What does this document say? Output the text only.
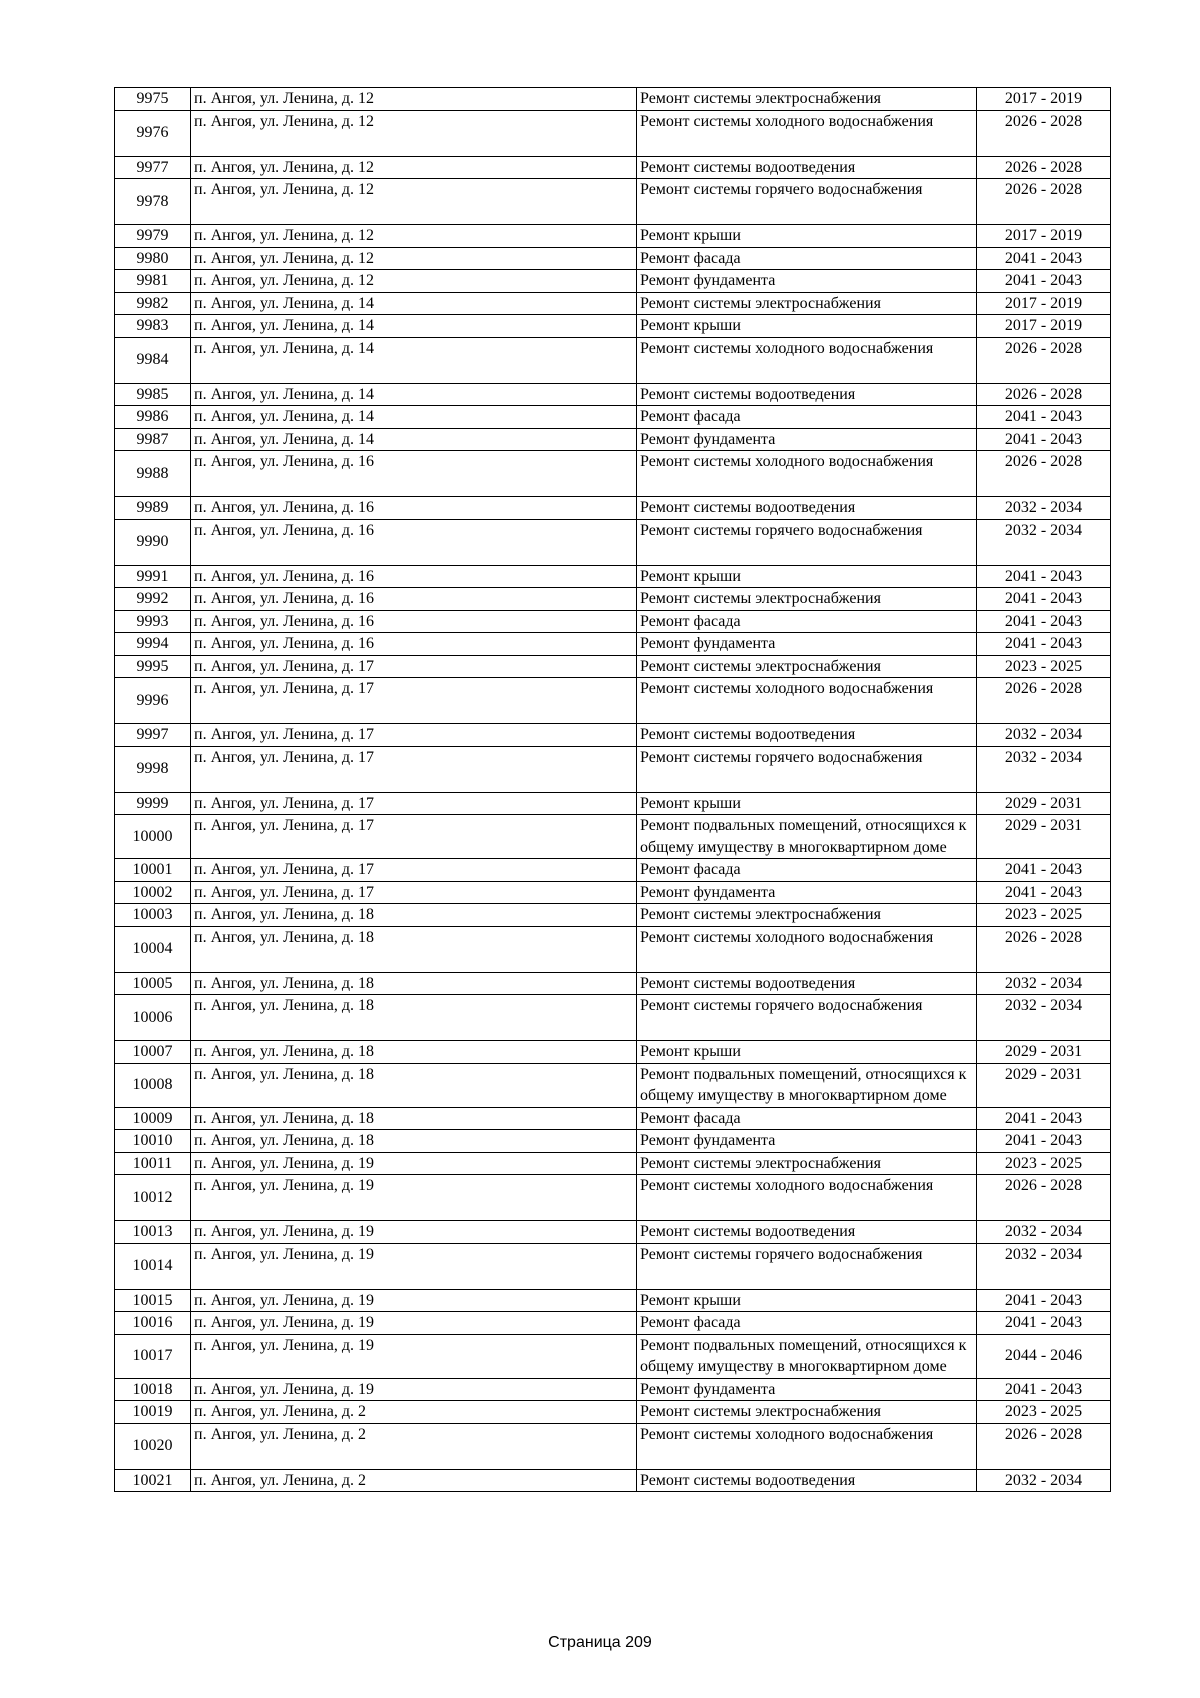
9975	п. Ангоя, ул. Ленина, д. 12	Ремонт системы электроснабжения	2017 - 2019
9976	п. Ангоя, ул. Ленина, д. 12	Ремонт системы холодного водоснабжения	2026 - 2028
9977	п. Ангоя, ул. Ленина, д. 12	Ремонт системы водоотведения	2026 - 2028
9978	п. Ангоя, ул. Ленина, д. 12	Ремонт системы горячего водоснабжения	2026 - 2028
9979	п. Ангоя, ул. Ленина, д. 12	Ремонт крыши	2017 - 2019
9980	п. Ангоя, ул. Ленина, д. 12	Ремонт фасада	2041 - 2043
9981	п. Ангоя, ул. Ленина, д. 12	Ремонт фундамента	2041 - 2043
9982	п. Ангоя, ул. Ленина, д. 14	Ремонт системы электроснабжения	2017 - 2019
9983	п. Ангоя, ул. Ленина, д. 14	Ремонт крыши	2017 - 2019
9984	п. Ангоя, ул. Ленина, д. 14	Ремонт системы холодного водоснабжения	2026 - 2028
9985	п. Ангоя, ул. Ленина, д. 14	Ремонт системы водоотведения	2026 - 2028
9986	п. Ангоя, ул. Ленина, д. 14	Ремонт фасада	2041 - 2043
9987	п. Ангоя, ул. Ленина, д. 14	Ремонт фундамента	2041 - 2043
9988	п. Ангоя, ул. Ленина, д. 16	Ремонт системы холодного водоснабжения	2026 - 2028
9989	п. Ангоя, ул. Ленина, д. 16	Ремонт системы водоотведения	2032 - 2034
9990	п. Ангоя, ул. Ленина, д. 16	Ремонт системы горячего водоснабжения	2032 - 2034
9991	п. Ангоя, ул. Ленина, д. 16	Ремонт крыши	2041 - 2043
9992	п. Ангоя, ул. Ленина, д. 16	Ремонт системы электроснабжения	2041 - 2043
9993	п. Ангоя, ул. Ленина, д. 16	Ремонт фасада	2041 - 2043
9994	п. Ангоя, ул. Ленина, д. 16	Ремонт фундамента	2041 - 2043
9995	п. Ангоя, ул. Ленина, д. 17	Ремонт системы электроснабжения	2023 - 2025
9996	п. Ангоя, ул. Ленина, д. 17	Ремонт системы холодного водоснабжения	2026 - 2028
9997	п. Ангоя, ул. Ленина, д. 17	Ремонт системы водоотведения	2032 - 2034
9998	п. Ангоя, ул. Ленина, д. 17	Ремонт системы горячего водоснабжения	2032 - 2034
9999	п. Ангоя, ул. Ленина, д. 17	Ремонт крыши	2029 - 2031
10000	п. Ангоя, ул. Ленина, д. 17	Ремонт подвальных помещений, относящихся к общему имуществу в многоквартирном доме	2029 - 2031
10001	п. Ангоя, ул. Ленина, д. 17	Ремонт фасада	2041 - 2043
10002	п. Ангоя, ул. Ленина, д. 17	Ремонт фундамента	2041 - 2043
10003	п. Ангоя, ул. Ленина, д. 18	Ремонт системы электроснабжения	2023 - 2025
10004	п. Ангоя, ул. Ленина, д. 18	Ремонт системы холодного водоснабжения	2026 - 2028
10005	п. Ангоя, ул. Ленина, д. 18	Ремонт системы водоотведения	2032 - 2034
10006	п. Ангоя, ул. Ленина, д. 18	Ремонт системы горячего водоснабжения	2032 - 2034
10007	п. Ангоя, ул. Ленина, д. 18	Ремонт крыши	2029 - 2031
10008	п. Ангоя, ул. Ленина, д. 18	Ремонт подвальных помещений, относящихся к общему имуществу в многоквартирном доме	2029 - 2031
10009	п. Ангоя, ул. Ленина, д. 18	Ремонт фасада	2041 - 2043
10010	п. Ангоя, ул. Ленина, д. 18	Ремонт фундамента	2041 - 2043
10011	п. Ангоя, ул. Ленина, д. 19	Ремонт системы электроснабжения	2023 - 2025
10012	п. Ангоя, ул. Ленина, д. 19	Ремонт системы холодного водоснабжения	2026 - 2028
10013	п. Ангоя, ул. Ленина, д. 19	Ремонт системы водоотведения	2032 - 2034
10014	п. Ангоя, ул. Ленина, д. 19	Ремонт системы горячего водоснабжения	2032 - 2034
10015	п. Ангоя, ул. Ленина, д. 19	Ремонт крыши	2041 - 2043
10016	п. Ангоя, ул. Ленина, д. 19	Ремонт фасада	2041 - 2043
10017	п. Ангоя, ул. Ленина, д. 19	Ремонт подвальных помещений, относящихся к общему имуществу в многоквартирном доме	2044 - 2046
10018	п. Ангоя, ул. Ленина, д. 19	Ремонт фундамента	2041 - 2043
10019	п. Ангоя, ул. Ленина, д. 2	Ремонт системы электроснабжения	2023 - 2025
10020	п. Ангоя, ул. Ленина, д. 2	Ремонт системы холодного водоснабжения	2026 - 2028
10021	п. Ангоя, ул. Ленина, д. 2	Ремонт системы водоотведения	2032 - 2034
Страница 209
